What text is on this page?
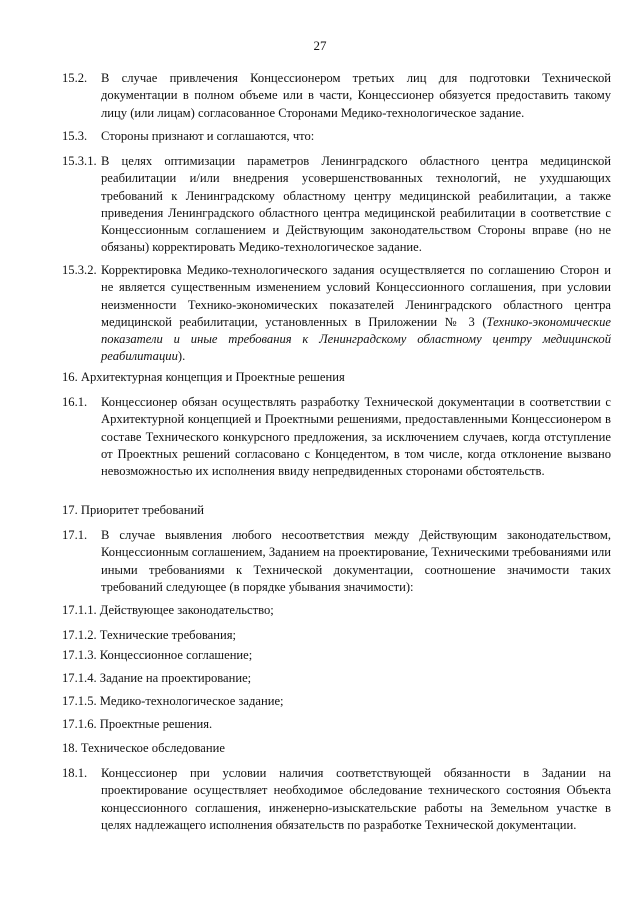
27
15.2. В случае привлечения Концессионером третьих лиц для подготовки Технической документации в полном объеме или в части, Концессионер обязуется предоставить такому лицу (или лицам) согласованное Сторонами Медико-технологическое задание.
15.3. Стороны признают и соглашаются, что:
15.3.1. В целях оптимизации параметров Ленинградского областного центра медицинской реабилитации и/или внедрения усовершенствованных технологий, не ухудшающих требований к Ленинградскому областному центру медицинской реабилитации, а также приведения Ленинградского областного центра медицинской реабилитации в соответствие с Концессионным соглашением и Действующим законодательством Стороны вправе (но не обязаны) корректировать Медико-технологическое задание.
15.3.2. Корректировка Медико-технологического задания осуществляется по соглашению Сторон и не является существенным изменением условий Концессионного соглашения, при условии неизменности Технико-экономических показателей Ленинградского областного центра медицинской реабилитации, установленных в Приложении № 3 (Технико-экономические показатели и иные требования к Ленинградскому областному центру медицинской реабилитации).
16. Архитектурная концепция и Проектные решения
16.1. Концессионер обязан осуществлять разработку Технической документации в соответствии с Архитектурной концепцией и Проектными решениями, предоставленными Концессионером в составе Технического конкурсного предложения, за исключением случаев, когда отступление от Проектных решений согласовано с Концедентом, в том числе, когда отклонение вызвано невозможностью их исполнения ввиду непредвиденных сторонами обстоятельств.
17. Приоритет требований
17.1. В случае выявления любого несоответствия между Действующим законодательством, Концессионным соглашением, Заданием на проектирование, Техническими требованиями или иными требованиями к Технической документации, соотношение значимости таких требований следующее (в порядке убывания значимости):
17.1.1. Действующее законодательство;
17.1.2. Технические требования;
17.1.3. Концессионное соглашение;
17.1.4. Задание на проектирование;
17.1.5. Медико-технологическое задание;
17.1.6. Проектные решения.
18. Техническое обследование
18.1. Концессионер при условии наличия соответствующей обязанности в Задании на проектирование осуществляет необходимое обследование технического состояния Объекта концессионного соглашения, инженерно-изыскательские работы на Земельном участке в целях надлежащего исполнения обязательств по разработке Технической документации.
